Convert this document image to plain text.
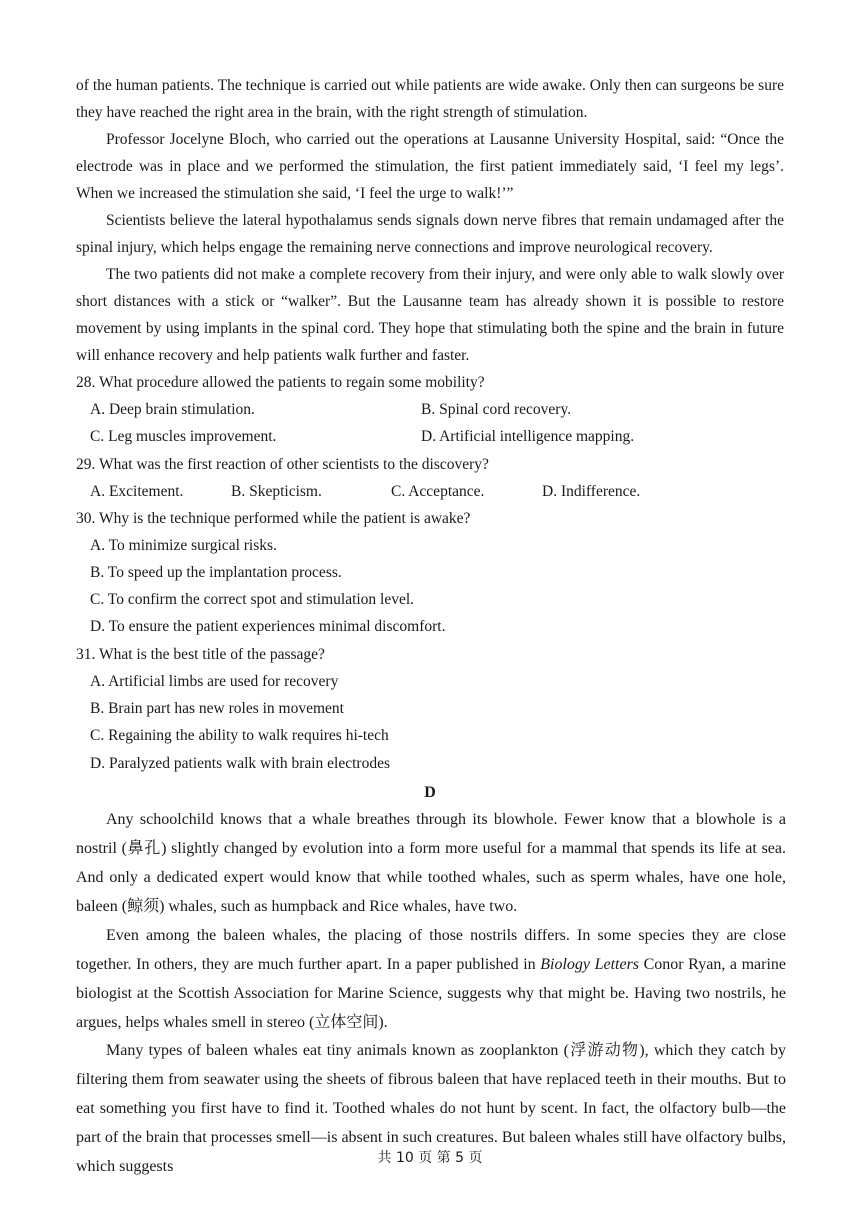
of the human patients. The technique is carried out while patients are wide awake. Only then can surgeons be sure they have reached the right area in the brain, with the right strength of stimulation.

Professor Jocelyne Bloch, who carried out the operations at Lausanne University Hospital, said: “Once the electrode was in place and we performed the stimulation, the first patient immediately said, ‘I feel my legs’. When we increased the stimulation she said, ‘I feel the urge to walk!’”

Scientists believe the lateral hypothalamus sends signals down nerve fibres that remain undamaged after the spinal injury, which helps engage the remaining nerve connections and improve neurological recovery.

The two patients did not make a complete recovery from their injury, and were only able to walk slowly over short distances with a stick or “walker”. But the Lausanne team has already shown it is possible to restore movement by using implants in the spinal cord. They hope that stimulating both the spine and the brain in future will enhance recovery and help patients walk further and faster.

28. What procedure allowed the patients to regain some mobility?

A. Deep brain stimulation.	B. Spinal cord recovery.

C. Leg muscles improvement.	D. Artificial intelligence mapping.

29. What was the first reaction of other scientists to the discovery?

A. Excitement.	B. Skepticism.	C. Acceptance.	D. Indifference.

30. Why is the technique performed while the patient is awake?

A. To minimize surgical risks.

B. To speed up the implantation process.

C. To confirm the correct spot and stimulation level.

D. To ensure the patient experiences minimal discomfort.

31. What is the best title of the passage?

A. Artificial limbs are used for recovery

B. Brain part has new roles in movement

C. Regaining the ability to walk requires hi-tech

D. Paralyzed patients walk with brain electrodes

D

Any schoolchild knows that a whale breathes through its blowhole. Fewer know that a blowhole is a nostril (鼻孔) slightly changed by evolution into a form more useful for a mammal that spends its life at sea. And only a dedicated expert would know that while toothed whales, such as sperm whales, have one hole, baleen (鲸须) whales, such as humpback and Rice whales, have two.

Even among the baleen whales, the placing of those nostrils differs. In some species they are close together. In others, they are much further apart. In a paper published in Biology Letters Conor Ryan, a marine biologist at the Scottish Association for Marine Science, suggests why that might be. Having two nostrils, he argues, helps whales smell in stereo (立体空间).

Many types of baleen whales eat tiny animals known as zooplankton (浮游动物), which they catch by filtering them from seawater using the sheets of fibrous baleen that have replaced teeth in their mouths. But to eat something you first have to find it. Toothed whales do not hunt by scent. In fact, the olfactory bulb—the part of the brain that processes smell—is absent in such creatures. But baleen whales still have olfactory bulbs, which suggests	共 10 页 第 5 页
